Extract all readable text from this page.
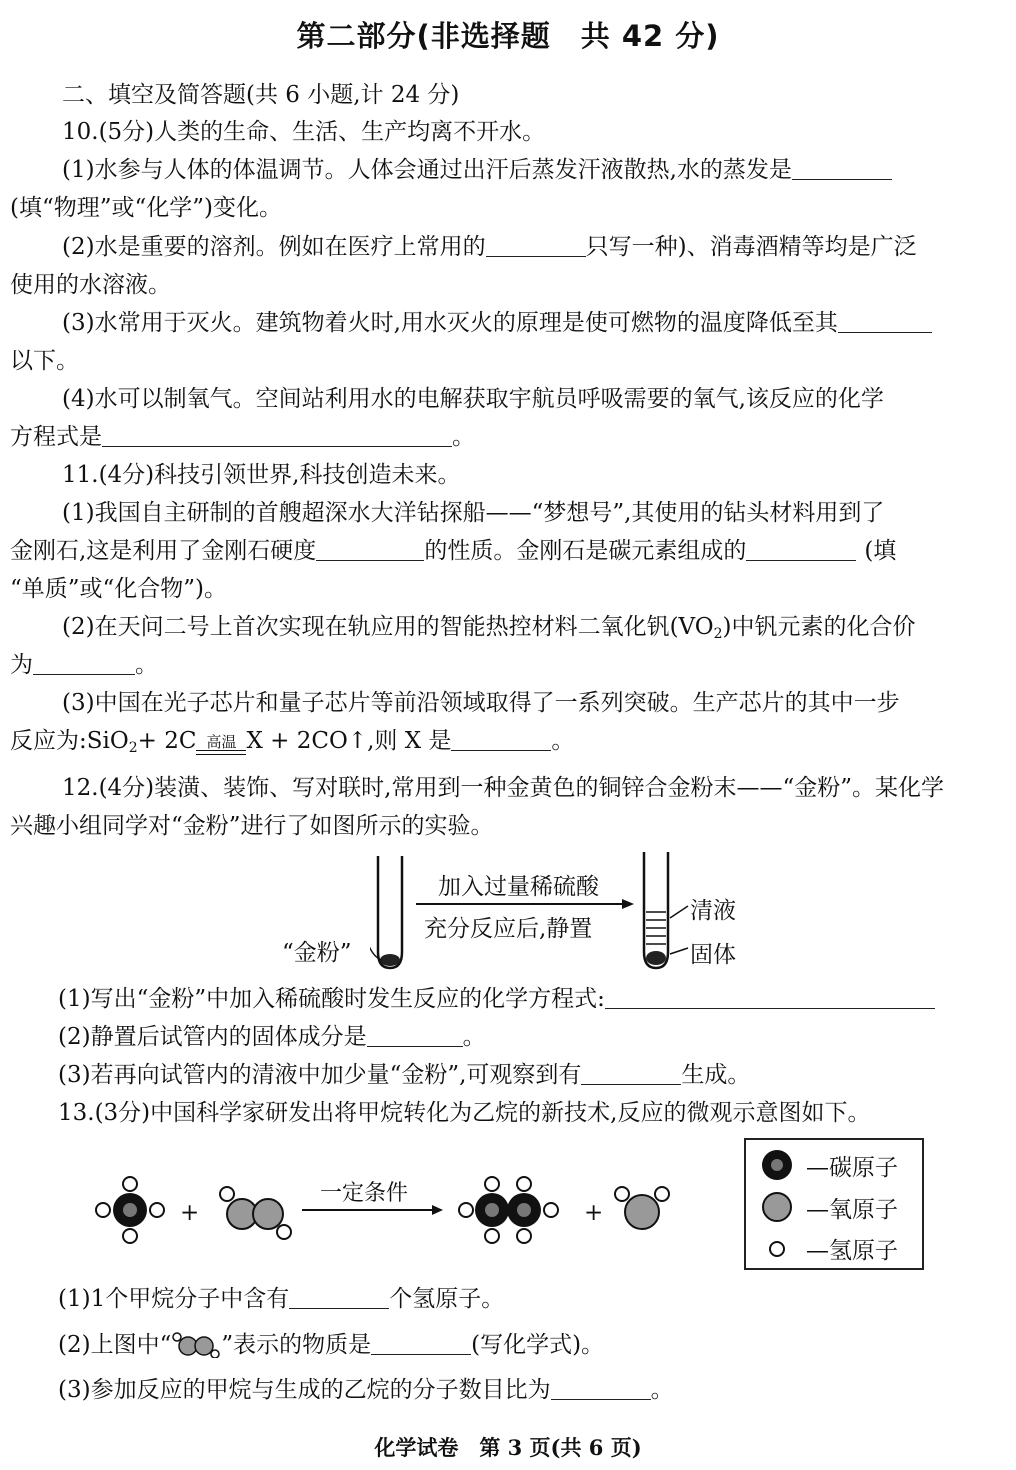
第二部分(非选择题　共 42 分)
二、填空及简答题(共 6 小题,计 24 分)
10.(5分)人类的生命、生活、生产均离不开水。
(1)水参与人体的体温调节。人体会通过出汗后蒸发汗液散热,水的蒸发是
(填“物理”或“化学”)变化。
(2)水是重要的溶剂。例如在医疗上常用的	只写一种)、消毒酒精等均是广泛
使用的水溶液。
(3)水常用于灭火。建筑物着火时,用水灭火的原理是使可燃物的温度降低至其
以下。
(4)水可以制氧气。空间站利用水的电解获取宇航员呼吸需要的氧气,该反应的化学
方程式是	。
11.(4分)科技引领世界,科技创造未来。
(1)我国自主研制的首艘超深水大洋钻探船——“梦想号”,其使用的钻头材料用到了
金刚石,这是利用了金刚石硬度	的性质。金刚石是碳元素组成的	(填
“单质”或“化合物”)。
(2)在天问二号上首次实现在轨应用的智能热控材料二氧化钒$(VO_2)$中钒元素的化合价
为	。
(3)中国在光子芯片和量子芯片等前沿领域取得了一系列突破。生产芯片的其中一步
反应为:SiO$_2$+ 2C 高温 X + 2CO↑,则 X 是	。
12.(4分)装潢、装饰、写对联时,常用到一种金黄色的铜锌合金粉末——“金粉”。某化学
兴趣小组同学对“金粉”进行了如图所示的实验。
“金粉”
加入过量稀硫酸
充分反应后,静置
清液
固体
(1)写出“金粉”中加入稀硫酸时发生反应的化学方程式:
(2)静置后试管内的固体成分是	。
(3)若再向试管内的清液中加少量“金粉”,可观察到有	生成。
13.(3分)中国科学家研发出将甲烷转化为乙烷的新技术,反应的微观示意图如下。
+
一定条件
+
—碳原子
—氧原子
—氢原子
(1)1个甲烷分子中含有	个氢原子。
(2)上图中“ ”表示的物质是	(写化学式)。
(3)参加反应的甲烷与生成的乙烷的分子数目比为	。
化学试卷　第 3 页(共 6 页)
